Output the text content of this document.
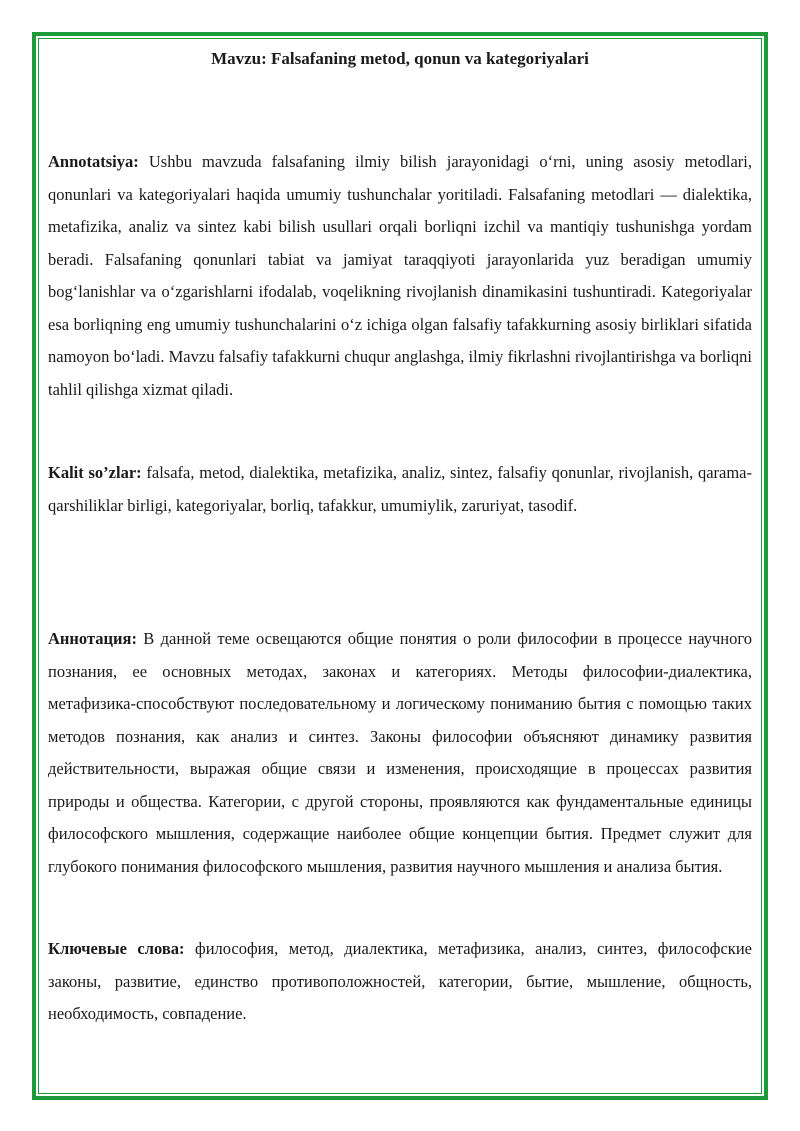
Mavzu: Falsafaning metod, qonun va kategoriyalari

Annotatsiya: Ushbu mavzuda falsafaning ilmiy bilish jarayonidagi o‘rni, uning asosiy metodlari, qonunlari va kategoriyalari haqida umumiy tushunchalar yoritiladi. Falsafaning metodlari — dialektika, metafizika, analiz va sintez kabi bilish usullari orqali borliqni izchil va mantiqiy tushunishga yordam beradi. Falsafaning qonunlari tabiat va jamiyat taraqqiyoti jarayonlarida yuz beradigan umumiy bog‘lanishlar va o‘zgarishlarni ifodalab, voqelikning rivojlanish dinamikasini tushuntiradi. Kategoriyalar esa borliqning eng umumiy tushunchalarini o‘z ichiga olgan falsafiy tafakkurning asosiy birliklari sifatida namoyon bo‘ladi. Mavzu falsafiy tafakkurni chuqur anglashga, ilmiy fikrlashni rivojlantirishga va borliqni tahlil qilishga xizmat qiladi.

Kalit so’zlar: falsafa, metod, dialektika, metafizika, analiz, sintez, falsafiy qonunlar, rivojlanish, qarama-qarshiliklar birligi, kategoriyalar, borliq, tafakkur, umumiylik, zaruriyat, tasodif.

Аннотация: В данной теме освещаются общие понятия о роли философии в процессе научного познания, ее основных методах, законах и категориях. Методы философии-диалектика, метафизика-способствуют последовательному и логическому пониманию бытия с помощью таких методов познания, как анализ и синтез. Законы философии объясняют динамику развития действительности, выражая общие связи и изменения, происходящие в процессах развития природы и общества. Категории, с другой стороны, проявляются как фундаментальные единицы философского мышления, содержащие наиболее общие концепции бытия. Предмет служит для глубокого понимания философского мышления, развития научного мышления и анализа бытия.

Ключевые слова: философия, метод, диалектика, метафизика, анализ, синтез, философские законы, развитие, единство противоположностей, категории, бытие, мышление, общность, необходимость, совпадение.
